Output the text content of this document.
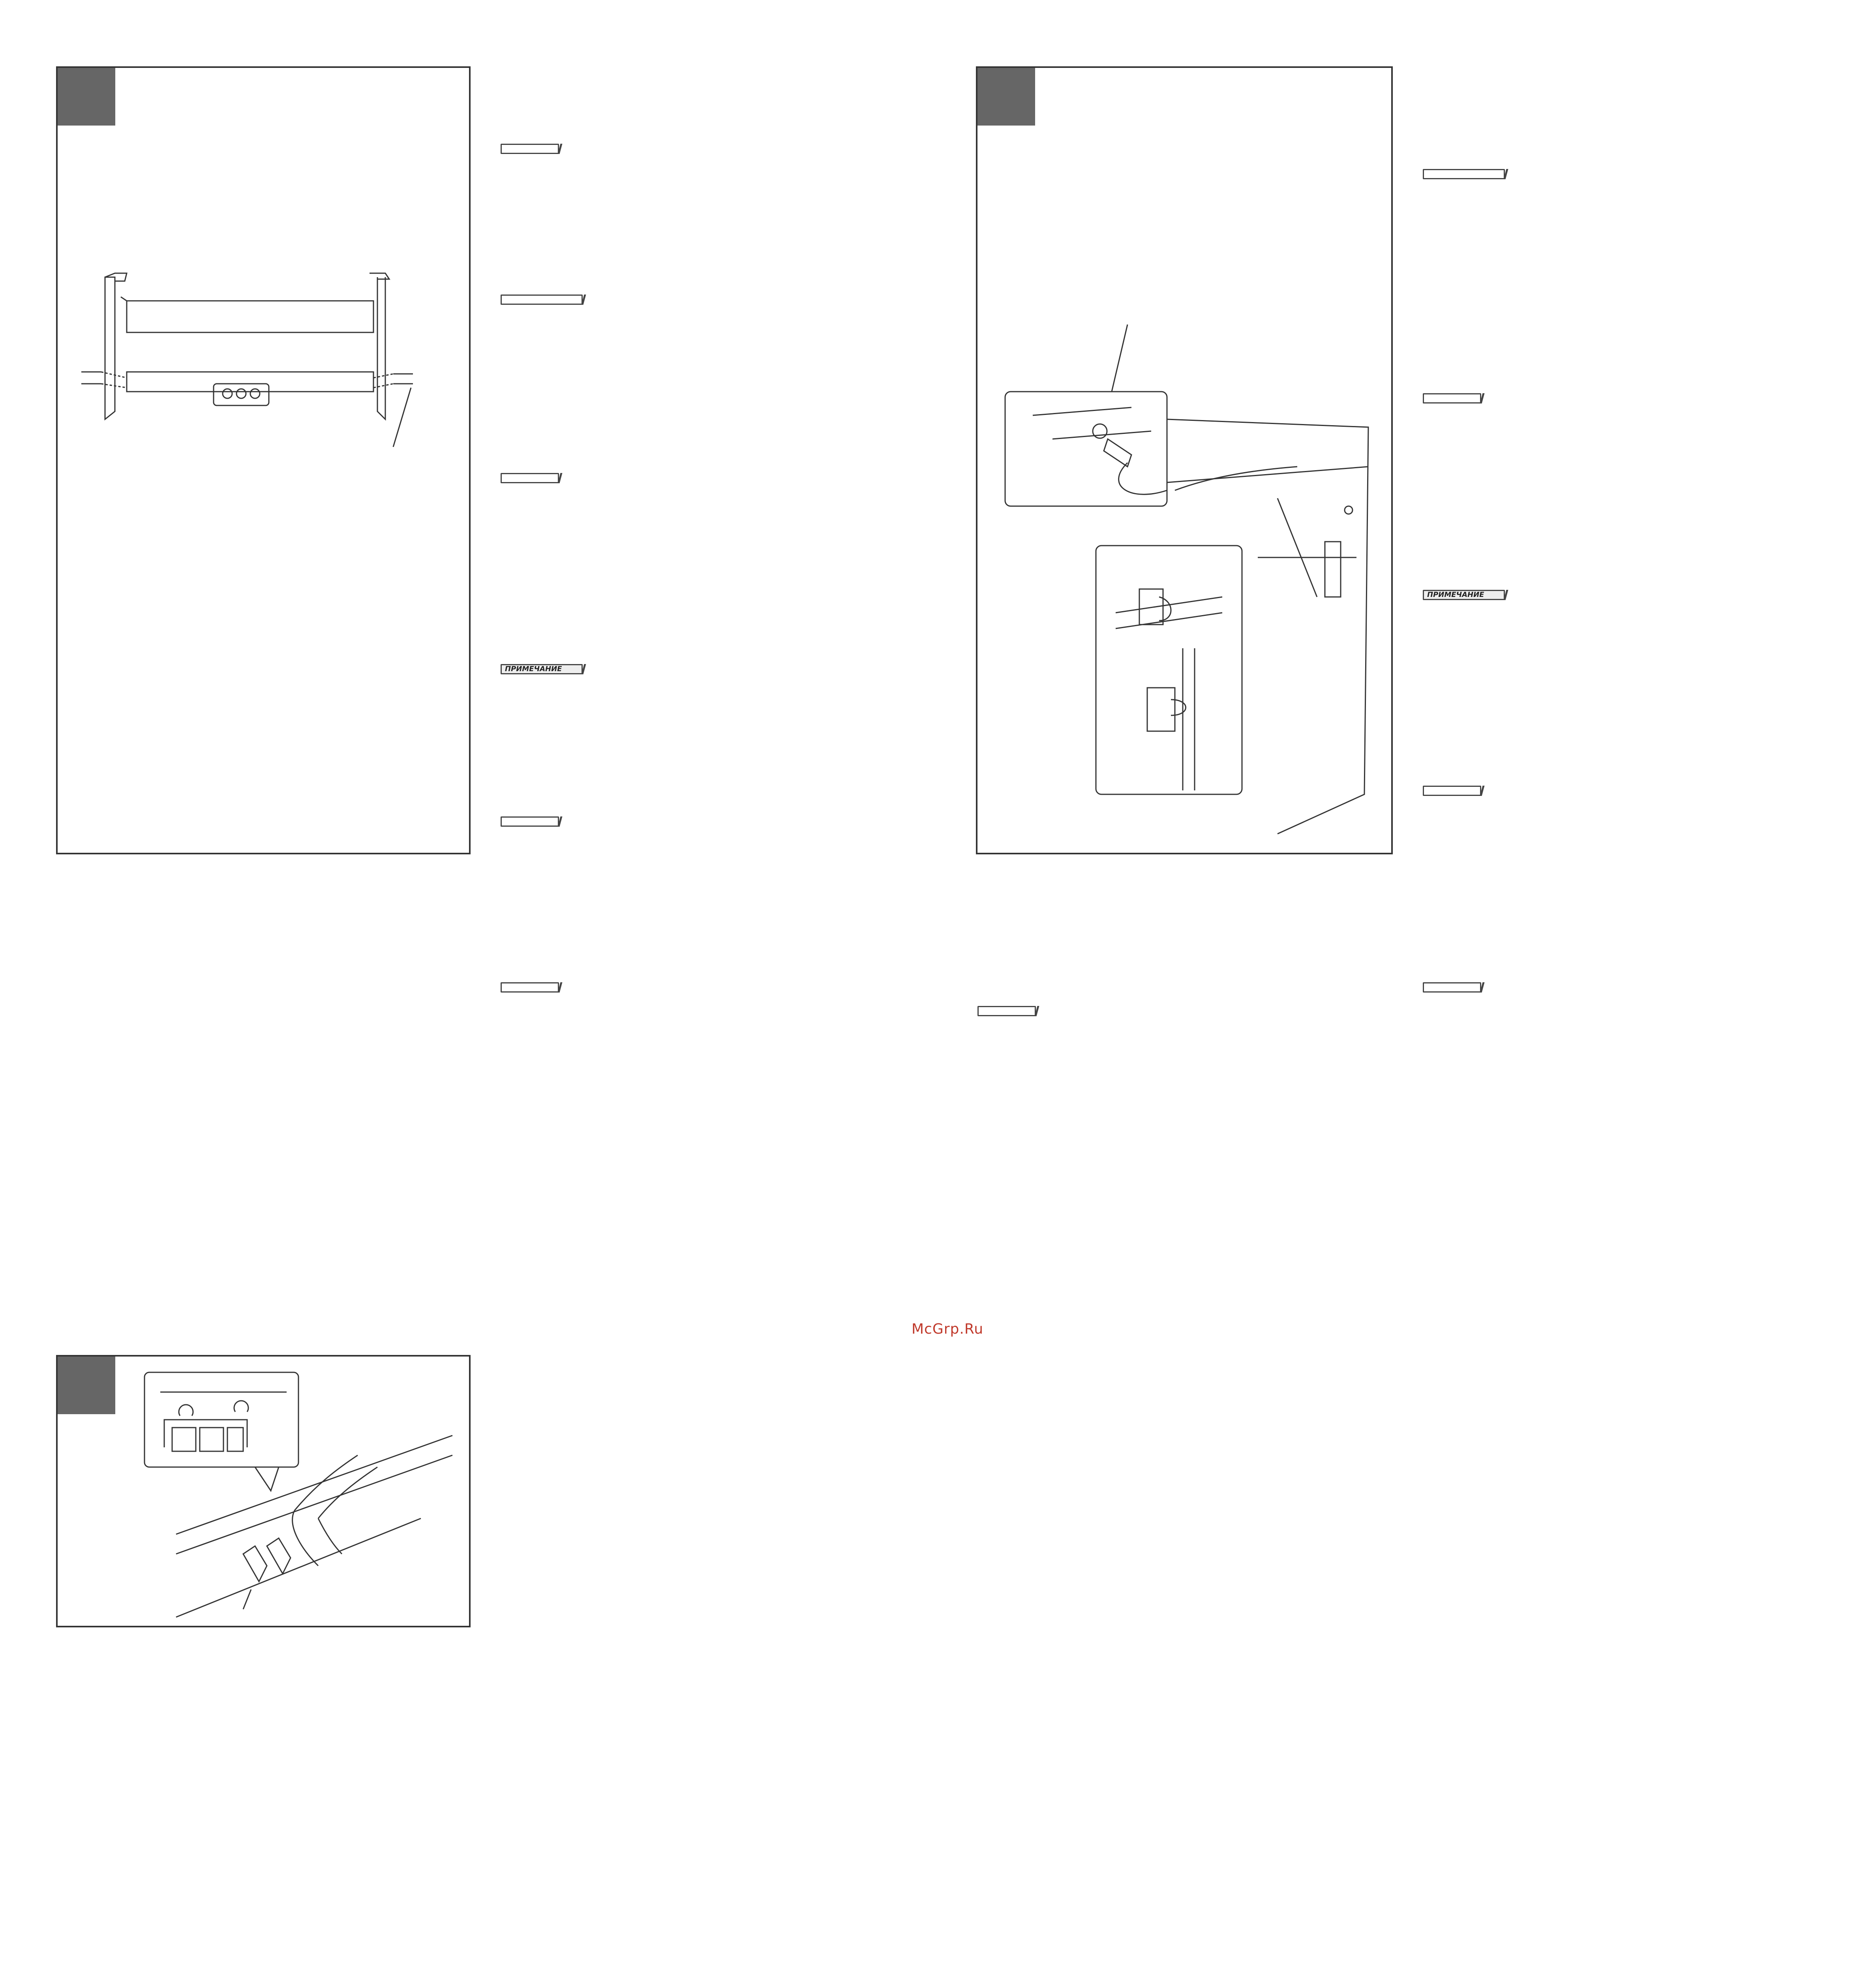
ПРИМЕЧАНИЕ
ПРИМЕЧАНИЕ
McGrp.Ru
